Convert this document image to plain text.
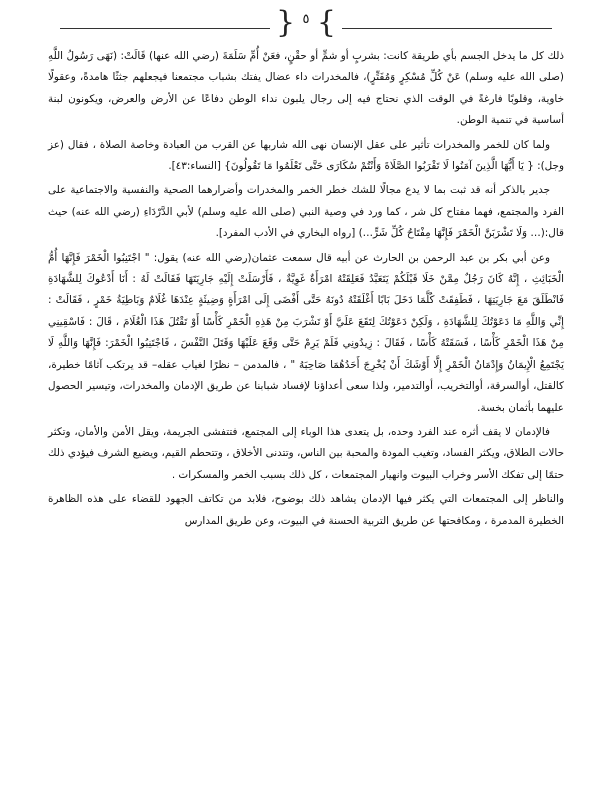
{ ٥ }

ذلك كل ما يدخل الجسم بأي طريقة كانت: بشربٍ أو شمٍّ أو حقْنٍ، فعَنْ أُمِّ سَلَمَةَ (رضي الله عنها) قَالَتْ: (نَهَى رَسُولُ اللَّهِ (صلى الله عليه وسلم) عَنْ كُلِّ مُسْكِرٍ وَمُفَتِّرٍ)، فالمخدرات داء عضال يفتك بشباب مجتمعنا فيجعلهم جثثًا هامدةً، وعقولًا خاوية، وقلوبًا فارغةً في الوقت الذي نحتاج فيه إلى رجال يلبون نداء الوطن دفاعًا عن الأرض والعرض، ويكونون لبنة أساسية في تنمية الوطن.

ولما كان للخمر والمخدرات تأثير على عقل الإنسان نهى الله شاربها عن القرب من العبادة وخاصة الصلاة ، فقال (عز وجل): { يَا أَيُّهَا الَّذِينَ آمَنُوا لَا تَقْرَبُوا الصَّلَاةَ وَأَنْتُمْ سُكَارَى حَتَّى تَعْلَمُوا مَا تَقُولُونَ} [النساء:٤٣].

جدير بالذكر أنه قد ثبت بما لا يدع مجالًا للشك خطر الخمر والمخدرات وأضرارهما الصحية والنفسية والاجتماعية على الفرد والمجتمع، فهما مفتاح كل شر ، كما ورد في وصية النبي (صلى الله عليه وسلم) لأبي الدَّرْدَاءِ (رضي الله عنه) حيث قال:(… وَلَا تَشْرَبَنَّ الْخَمْرَ فَإِنَّهَا مِفْتَاحُ كُلِّ شَرٍّ…) [رواه البخاري في الأدب المفرد].

وعن أبي بكر بن عبد الرحمن بن الحارث عن أبيه قال سمعت عثمان(رضي الله عنه) يقول: " اجْتَنِبُوا الْخَمْرَ فَإِنَّهَا أُمُّ الْخَبَائِثِ ، إِنَّهُ كَانَ رَجُلٌ مِمَّنْ خَلَا قَبْلَكُمْ يَتَعَبَّدُ فَعَلِقَتْهُ امْرَأَةٌ غَوِيَّةٌ ، فَأَرْسَلَتْ إِلَيْهِ جَارِيَتَهَا فَقَالَتْ لَهُ : أَنَا أَدْعُوكَ لِلشَّهَادَةِ فَانْطَلَقَ مَعَ جَارِيَتِهَا ، فَطَفِقَتْ كُلَّمَا دَخَلَ بَابًا أَغْلَقَتْهُ دُونَهُ حَتَّى أَفْضَى إِلَى امْرَأَةٍ وَضِيئَةٍ عِنْدَهَا غُلَامٌ وَبَاطِيَةُ خَمْرٍ ، فَقَالَتْ : إِنِّي وَاللَّهِ مَا دَعَوْتُكَ لِلشَّهَادَةِ ، وَلَكِنْ دَعَوْتُكَ لِتَقَعَ عَلَيَّ أَوْ تَشْرَبَ مِنْ هَذِهِ الْخَمْرِ كَأْسًا أَوْ تَقْتُلَ هَذَا الْغُلَامَ ، قَالَ : فَاسْقِينِي مِنْ هَذَا الْخَمْرِ كَأْسًا ، فَسَقَتْهُ كَأْسًا ، فَقَالَ : زِيدُونِي فَلَمْ يَرِمْ حَتَّى وَقَعَ عَلَيْهَا وَقَتَلَ النَّفْسَ ، فَاجْتَنِبُوا الْخَمْرَ: فَإِنَّهَا وَاللَّهِ لَا يَجْتَمِعُ الْإِيمَانُ وَإِدْمَانُ الْخَمْرِ إِلَّا أَوْشَكَ أَنْ يُخْرِجَ أَحَدُهُمَا صَاحِبَهُ " ، فالمدمن – نظرًا لغياب عقله– قد يرتكب آثامًا خطيرة، كالقتل، أوالسرقة، أوالتخريب، أوالتدمير، ولذا سعى أعداؤنا لإفساد شبابنا عن طريق الإدمان والمخدرات، وتيسير الحصول عليهما بأثمان بخسة.

فالإدمان لا يقف أثره عند الفرد وحده، بل يتعدى هذا الوباء إلى المجتمع، فتتفشى الجريمة، ويقل الأمن والأمان، وتكثر حالات الطلاق، ويكثر الفساد، وتغيب المودة والمحبة بين الناس، وتتدنى الأخلاق ، وتتحطم القيم، ويضيع الشرف فيؤدي ذلك حتمًا إلى تفكك الأسر وخراب البيوت وانهيار المجتمعات ، كل ذلك بسبب الخمر والمسكرات .

والناظر إلى المجتمعات التي يكثر فيها الإدمان يشاهد ذلك بوضوح، فلابد من تكاتف الجهود للقضاء على هذه الظاهرة الخطيرة المدمرة ، ومكافحتها عن طريق التربية الحسنة في البيوت، وعن طريق المدارس
